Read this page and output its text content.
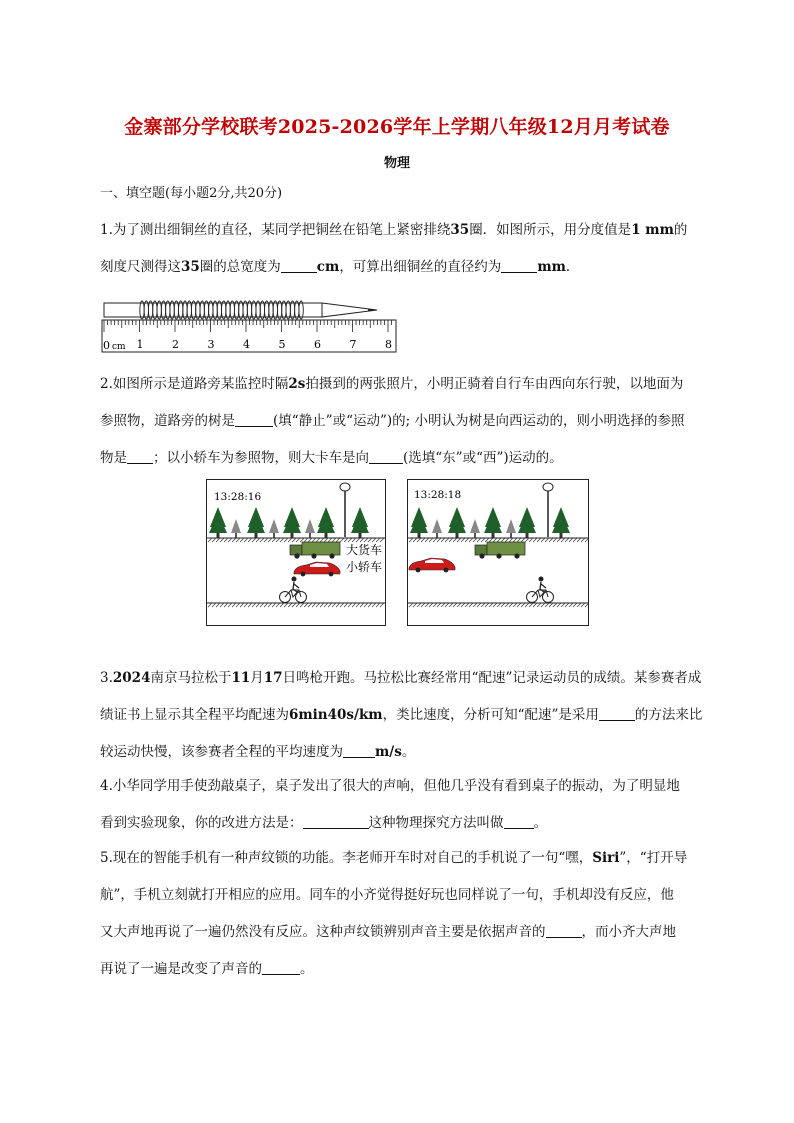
金寨部分学校联考2025-2026学年上学期八年级12月月考试卷
物理
一、填空题(每小题2分,共20分)
1.为了测出细铜丝的直径，某同学把铜丝在铅笔上紧密排绕35圈．如图所示，用分度值是1 mm的
刻度尺测得这35圈的总宽度为	cm，可算出细铜丝的直径约为	mm．
0 cm 1	2	3	4	5	6	7	8
2.如图所示是道路旁某监控时隔2s拍摄到的两张照片，小明正骑着自行车由西向东行驶，以地面为
参照物，道路旁的树是	(填“静止”或“运动”)的; 小明认为树是向西运动的，则小明选择的参照
物是 ；以小轿车为参照物，则大卡车是向	(选填“东”或“西”)运动的。
13:28:16
大货车
小轿车
13:28:18
3.2024南京马拉松于11月17日鸣枪开跑。马拉松比赛经常用“配速”记录运动员的成绩。某参赛者成
绩证书上显示其全程平均配速为6min40s/km，类比速度，分析可知“配速”是采用	的方法来比
较运动快慢，该参赛者全程的平均速度为 m/s。
4.小华同学用手使劲敲桌子，桌子发出了很大的声响，但他几乎没有看到桌子的振动，为了明显地
看到实验现象，你的改进方法是：	这种物理探究方法叫做 。
5.现在的智能手机有一种声纹锁的功能。李老师开车时对自己的手机说了一句“嘿，Siri”，“打开导
航”，手机立刻就打开相应的应用。同车的小齐觉得挺好玩也同样说了一句，手机却没有反应，他
又大声地再说了一遍仍然没有反应。这种声纹锁辨别声音主要是依据声音的	，而小齐大声地
再说了一遍是改变了声音的	。
